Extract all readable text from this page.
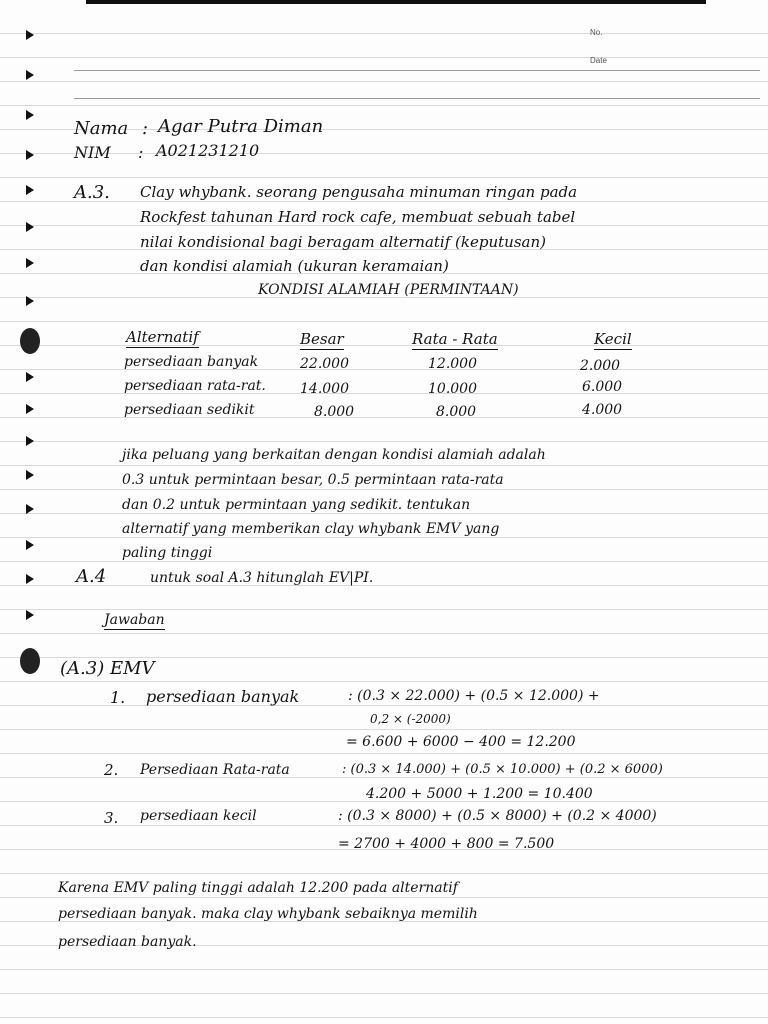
No.
Date
Nama : Agar Putra Diman
NIM : A021231210
A.3. Clay whybank. seorang pengusaha minuman ringan pada
Rockfest tahunan Hard rock cafe, membuat sebuah tabel
nilai kondisional bagi beragam alternatif (keputusan)
dan kondisi alamiah (ukuran keramaian)
KONDISI ALAMIAH (PERMINTAAN)
Alternatif	Besar	Rata - Rata	Kecil
persediaan banyak	22.000	12.000	2.000
persediaan rata-rat. 14.000	10.000	6.000
persediaan sedikit	8.000	8.000	4.000
jika peluang yang berkaitan dengan kondisi alamiah adalah
0.3 untuk permintaan besar, 0.5 permintaan rata-rata
dan 0.2 untuk permintaan yang sedikit. tentukan
alternatif yang memberikan clay whybank EMV yang
paling tinggi
A.4	untuk soal A.3 hitunglah EV|PI.
Jawaban
(A.3) EMV
1. persediaan banyak	: (0.3 × 22.000) + (0.5 × 12.000) +
0,2 × (-2000)
= 6.600 + 6000 − 400 = 12.200
2. Persediaan Rata-rata	: (0.3 × 14.000) + (0.5 × 10.000) + (0.2 × 6000)
4.200 + 5000 + 1.200 = 10.400
3. persediaan kecil	: (0.3 × 8000) + (0.5 × 8000) + (0.2 × 4000)
= 2700 + 4000 + 800 = 7.500
Karena EMV paling tinggi adalah 12.200 pada alternatif
persediaan banyak. maka clay whybank sebaiknya memilih
persediaan banyak.
